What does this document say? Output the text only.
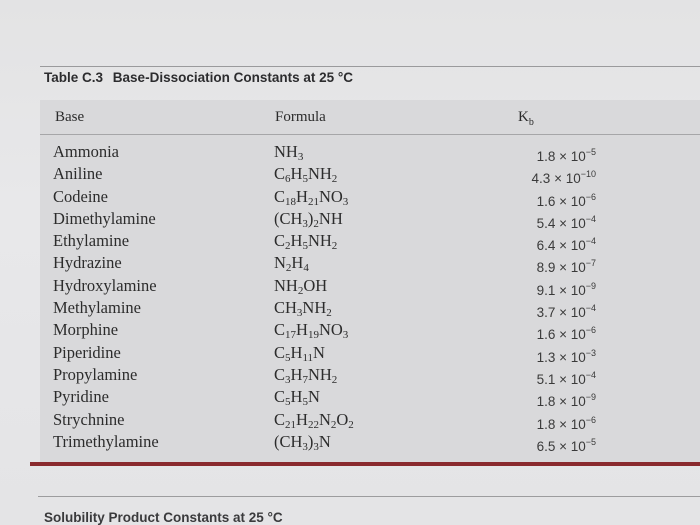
Table C.3 Base-Dissociation Constants at 25 °C
Base	Formula	$K_b$
Ammonia	$NH_3$	$1.8 \times 10^{-5}$
Aniline	$C_6H_5NH_2$	$4.3 \times 10^{-10}$
Codeine	$C_{18}H_{21}NO_3$	$1.6 \times 10^{-6}$
Dimethylamine	$(CH_3)_2NH$	$5.4 \times 10^{-4}$
Ethylamine	$C_2H_5NH_2$	$6.4 \times 10^{-4}$
Hydrazine	$N_2H_4$	$8.9 \times 10^{-7}$
Hydroxylamine	$NH_2OH$	$9.1 \times 10^{-9}$
Methylamine	$CH_3NH_2$	$3.7 \times 10^{-4}$
Morphine	$C_{17}H_{19}NO_3$	$1.6 \times 10^{-6}$
Piperidine	$C_5H_{11}N$	$1.3 \times 10^{-3}$
Propylamine	$C_3H_7NH_2$	$5.1 \times 10^{-4}$
Pyridine	$C_5H_5N$	$1.8 \times 10^{-9}$
Strychnine	$C_{21}H_{22}N_2O_2$	$1.8 \times 10^{-6}$
Trimethylamine	$(CH_3)_3N$	$6.5 \times 10^{-5}$
Solubility Product Constants at 25 °C
